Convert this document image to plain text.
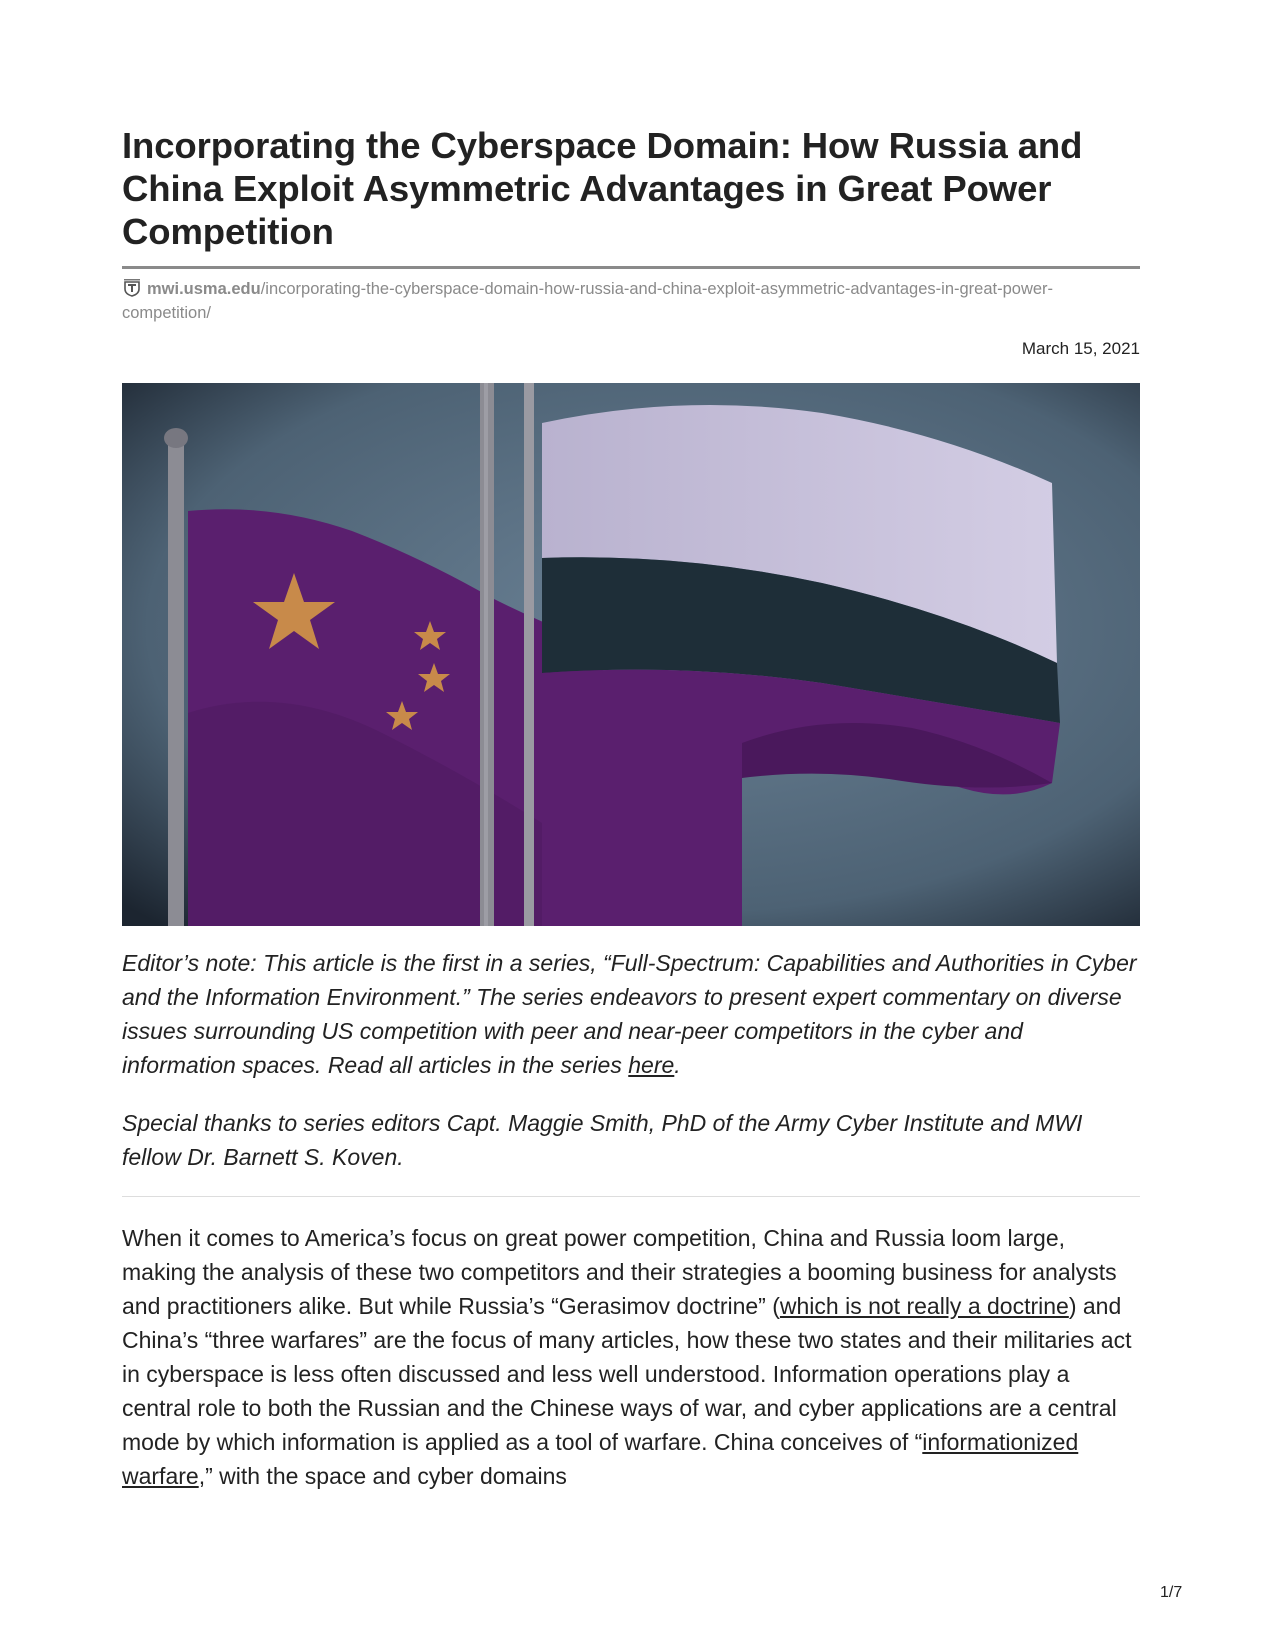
Incorporating the Cyberspace Domain: How Russia and China Exploit Asymmetric Advantages in Great Power Competition
mwi.usma.edu/incorporating-the-cyberspace-domain-how-russia-and-china-exploit-asymmetric-advantages-in-great-power-competition/
March 15, 2021

Editor’s note: This article is the first in a series, “Full-Spectrum: Capabilities and Authorities in Cyber and the Information Environment.” The series endeavors to present expert commentary on diverse issues surrounding US competition with peer and near-peer competitors in the cyber and information spaces. Read all articles in the series here.

Special thanks to series editors Capt. Maggie Smith, PhD of the Army Cyber Institute and MWI fellow Dr. Barnett S. Koven.

When it comes to America’s focus on great power competition, China and Russia loom large, making the analysis of these two competitors and their strategies a booming business for analysts and practitioners alike. But while Russia’s “Gerasimov doctrine” (which is not really a doctrine) and China’s “three warfares” are the focus of many articles, how these two states and their militaries act in cyberspace is less often discussed and less well understood. Information operations play a central role to both the Russian and the Chinese ways of war, and cyber applications are a central mode by which information is applied as a tool of warfare. China conceives of “informationized warfare,” with the space and cyber domains

1/7
